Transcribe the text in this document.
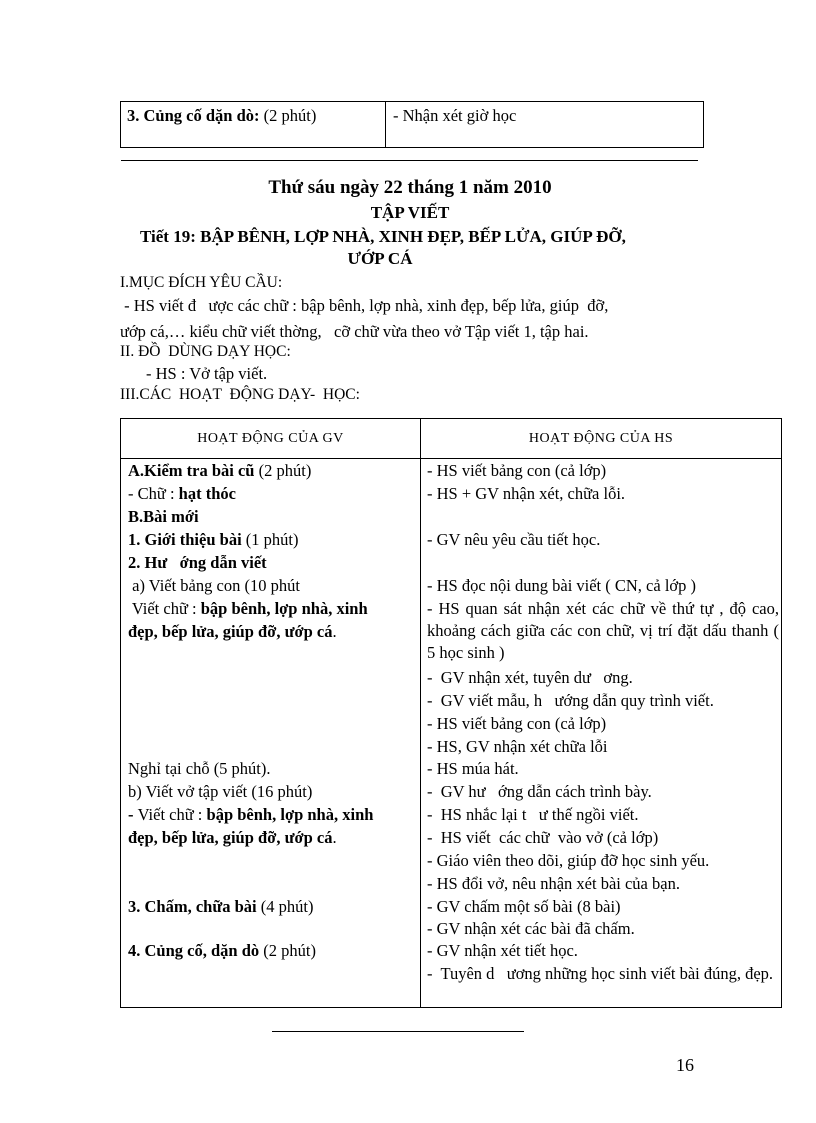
3. Củng cố dặn dò: (2 phút)	- Nhận xét giờ học
Thứ sáu ngày 22 tháng 1 năm 2010
TẬP VIẾT
Tiết 19: BẬP BÊNH, LỢP NHÀ, XINH ĐẸP, BẾP LỬA, GIÚP ĐỠ,
ƯỚP CÁ
I.MỤC ĐÍCH YÊU CẦU:
- HS viết đ   ược các chữ : bập bênh, lợp nhà, xinh đẹp, bếp lửa, giúp  đỡ,
ướp cá,… kiểu chữ viết thờng,   cỡ chữ vừa theo vở Tập viết 1, tập hai.
II. ĐỒ  DÙNG DẠY HỌC:
- HS : Vở tập viết.
III.CÁC  HOẠT  ĐỘNG DẠY-  HỌC:
HOẠT ĐỘNG CỦA GV	HOẠT ĐỘNG CỦA HS
A.Kiểm tra bài cũ (2 phút)
- Chữ : hạt thóc
B.Bài mới
1. Giới thiệu bài (1 phút)
2. Hư   ớng dẫn viết
a) Viết bảng con (10 phút
Viết chữ : bập bênh, lợp nhà, xinh
đẹp, bếp lửa, giúp đỡ, ướp cá.
Nghỉ tại chỗ (5 phút).
b) Viết vở tập viết (16 phút)
- Viết chữ : bập bênh, lợp nhà, xinh
đẹp, bếp lửa, giúp đỡ, ướp cá.
3. Chấm, chữa bài (4 phút)
4. Củng cố, dặn dò (2 phút)
- HS viết bảng con (cả lớp)
- HS + GV nhận xét, chữa lỗi.
- GV nêu yêu cầu tiết học.
- HS đọc nội dung bài viết ( CN, cả lớp )
- HS quan sát nhận xét các chữ về thứ tự , độ cao, khoảng cách giữa các con chữ, vị trí đặt dấu thanh ( 5 học sinh )
-  GV nhận xét, tuyên dư   ơng.
-  GV viết mẫu, h   ướng dẫn quy trình viết.
- HS viết bảng con (cả lớp)
- HS, GV nhận xét chữa lỗi
- HS múa hát.
-  GV hư   ớng dẫn cách trình bày.
-  HS nhắc lại t   ư thế ngồi viết.
-  HS viết  các chữ  vào vở (cả lớp)
- Giáo viên theo dõi, giúp đỡ học sinh yếu.
- HS đổi vở, nêu nhận xét bài của bạn.
- GV chấm một số bài (8 bài)
- GV nhận xét các bài đã chấm.
- GV nhận xét tiết học.
-  Tuyên d   ương những học sinh viết bài đúng, đẹp.
16
